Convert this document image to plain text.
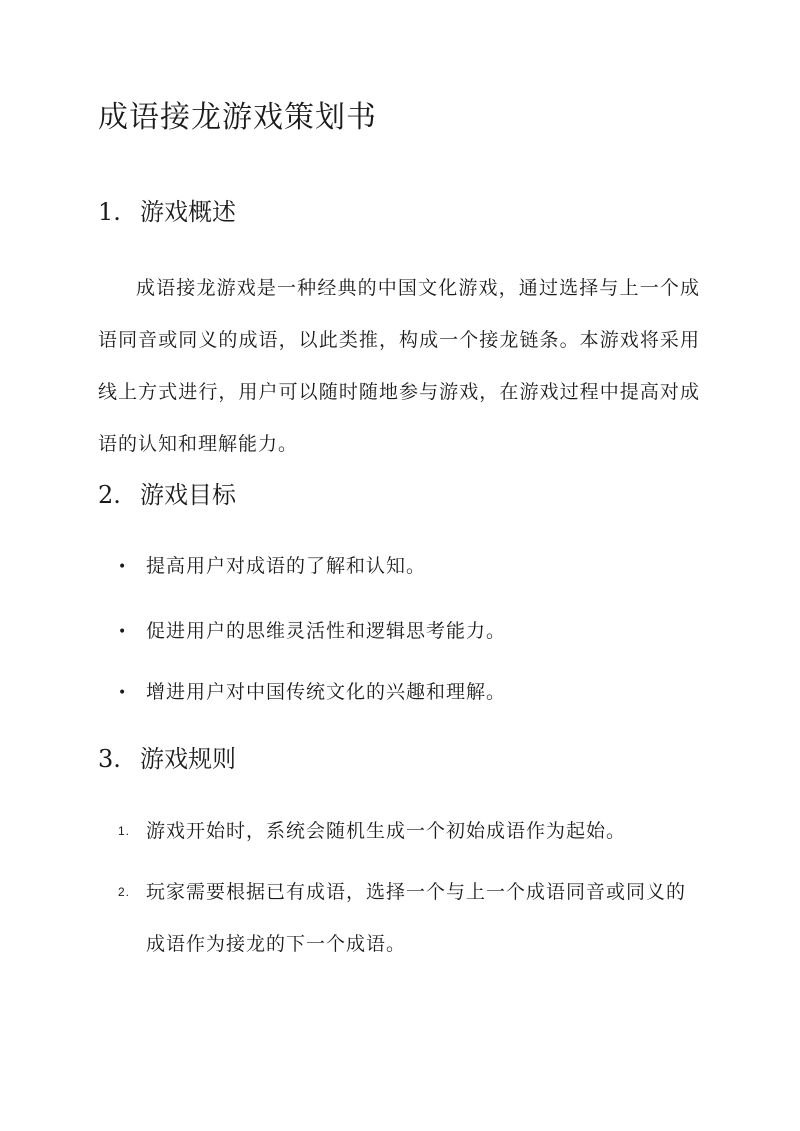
成语接龙游戏策划书
1. 游戏概述

成语接龙游戏是一种经典的中国文化游戏，通过选择与上一个成语同音或同义的成语，以此类推，构成一个接龙链条。本游戏将采用线上方式进行，用户可以随时随地参与游戏，在游戏过程中提高对成语的认知和理解能力。

2. 游戏目标
• 提高用户对成语的了解和认知。
• 促进用户的思维灵活性和逻辑思考能力。
• 增进用户对中国传统文化的兴趣和理解。
3. 游戏规则
1. 游戏开始时，系统会随机生成一个初始成语作为起始。
2. 玩家需要根据已有成语，选择一个与上一个成语同音或同义的成语作为接龙的下一个成语。
